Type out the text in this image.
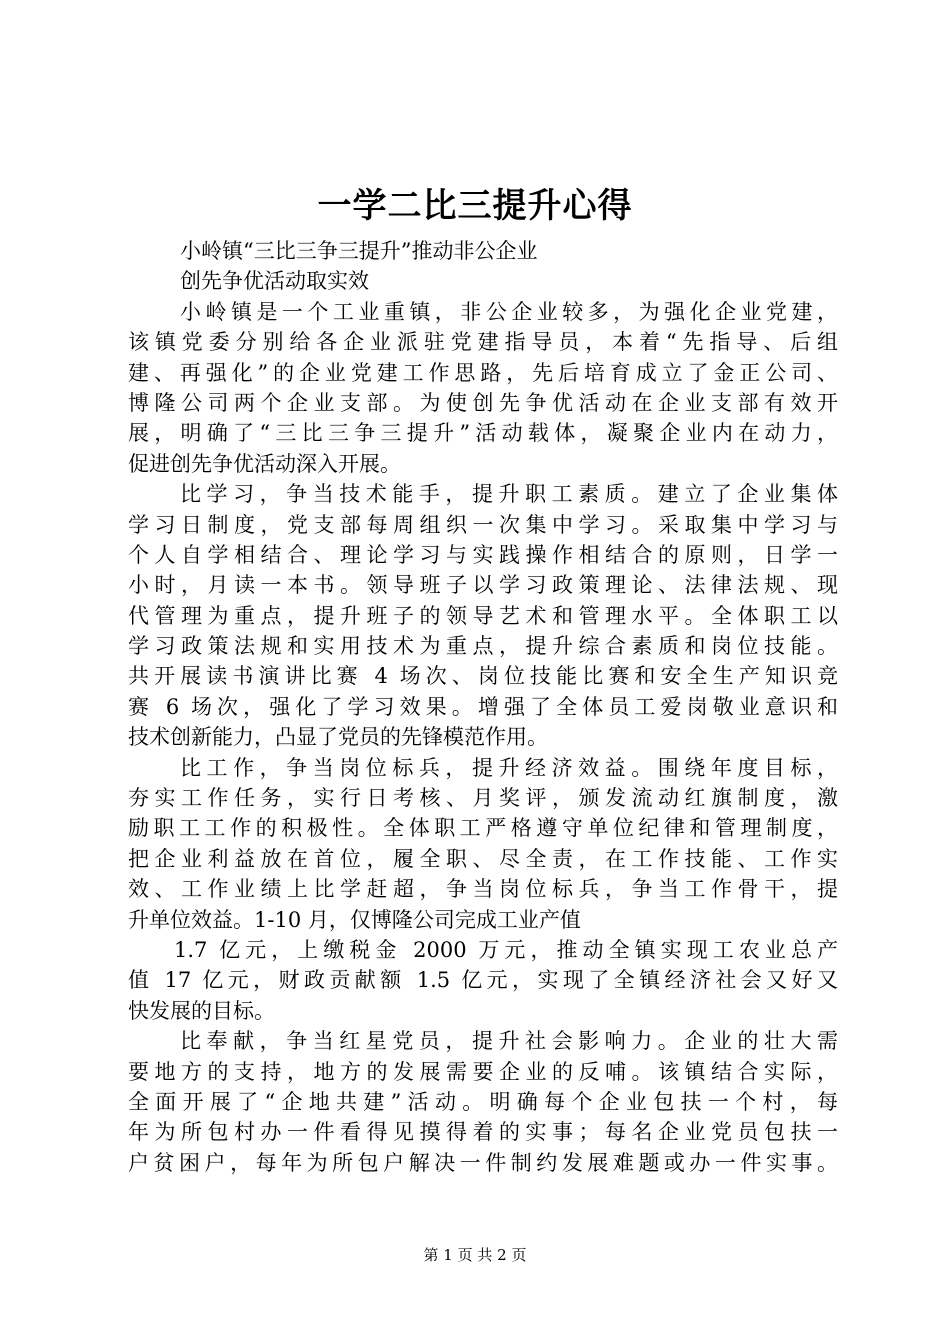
一学二比三提升心得
小岭镇“三比三争三提升”推动非公企业
创先争优活动取实效
小岭镇是一个工业重镇，非公企业较多，为强化企业党建，
该镇党委分别给各企业派驻党建指导员，本着“先指导、后组
建、再强化”的企业党建工作思路，先后培育成立了金正公司、
博隆公司两个企业支部。为使创先争优活动在企业支部有效开
展，明确了“三比三争三提升”活动载体，凝聚企业内在动力，
促进创先争优活动深入开展。
比学习，争当技术能手，提升职工素质。建立了企业集体
学习日制度，党支部每周组织一次集中学习。采取集中学习与
个人自学相结合、理论学习与实践操作相结合的原则，日学一
小时，月读一本书。领导班子以学习政策理论、法律法规、现
代管理为重点，提升班子的领导艺术和管理水平。全体职工以
学习政策法规和实用技术为重点，提升综合素质和岗位技能。
共开展读书演讲比赛 4 场次、岗位技能比赛和安全生产知识竞
赛 6 场次，强化了学习效果。增强了全体员工爱岗敬业意识和
技术创新能力，凸显了党员的先锋模范作用。
比工作，争当岗位标兵，提升经济效益。围绕年度目标，
夯实工作任务，实行日考核、月奖评，颁发流动红旗制度，激
励职工工作的积极性。全体职工严格遵守单位纪律和管理制度，
把企业利益放在首位，履全职、尽全责，在工作技能、工作实
效、工作业绩上比学赶超，争当岗位标兵，争当工作骨干，提
升单位效益。1-10 月，仅博隆公司完成工业产值
1.7 亿元，上缴税金 2000 万元，推动全镇实现工农业总产
值 17 亿元，财政贡献额 1.5 亿元，实现了全镇经济社会又好又
快发展的目标。
比奉献，争当红星党员，提升社会影响力。企业的壮大需
要地方的支持，地方的发展需要企业的反哺。该镇结合实际，
全面开展了“企地共建”活动。明确每个企业包扶一个村，每
年为所包村办一件看得见摸得着的实事；每名企业党员包扶一
户贫困户，每年为所包户解决一件制约发展难题或办一件实事。
第 1 页 共 2 页
